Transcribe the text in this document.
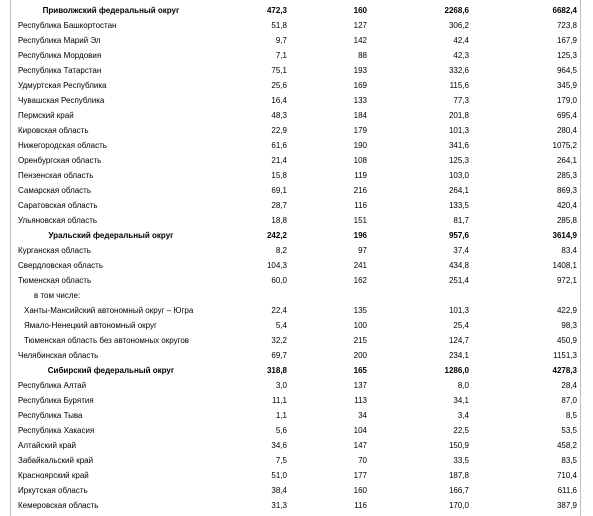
Приволжский федеральный округ	472,3	160	2268,6	6682,4
Республика Башкортостан	51,8	127	306,2	723,8
Республика Марий Эл	9,7	142	42,4	167,9
Республика Мордовия	7,1	88	42,3	125,3
Республика Татарстан	75,1	193	332,6	964,5
Удмуртская Республика	25,6	169	115,6	345,9
Чувашская Республика	16,4	133	77,3	179,0
Пермский край	48,3	184	201,8	695,4
Кировская область	22,9	179	101,3	280,4
Нижегородская область	61,6	190	341,6	1075,2
Оренбургская область	21,4	108	125,3	264,1
Пензенская область	15,8	119	103,0	285,3
Самарская область	69,1	216	264,1	869,3
Саратовская область	28,7	116	133,5	420,4
Ульяновская область	18,8	151	81,7	285,8
Уральский федеральный округ	242,2	196	957,6	3614,9
Курганская область	8,2	97	37,4	83,4
Свердловская область	104,3	241	434,8	1408,1
Тюменская область	60,0	162	251,4	972,1
в том числе:				
Ханты-Мансийский автономный округ – Югра	22,4	135	101,3	422,9
Ямало-Ненецкий автономный округ	5,4	100	25,4	98,3
Тюменская область без автономных округов	32,2	215	124,7	450,9
Челябинская область	69,7	200	234,1	1151,3
Сибирский федеральный округ	318,8	165	1286,0	4278,3
Республика Алтай	3,0	137	8,0	28,4
Республика Бурятия	11,1	113	34,1	87,0
Республика Тыва	1,1	34	3,4	8,5
Республика Хакасия	5,6	104	22,5	53,5
Алтайский край	34,6	147	150,9	458,2
Забайкальский край	7,5	70	33,5	83,5
Красноярский край	51,0	177	187,8	710,4
Иркутская область	38,4	160	166,7	611,6
Кемеровская область	31,3	116	170,0	387,9
